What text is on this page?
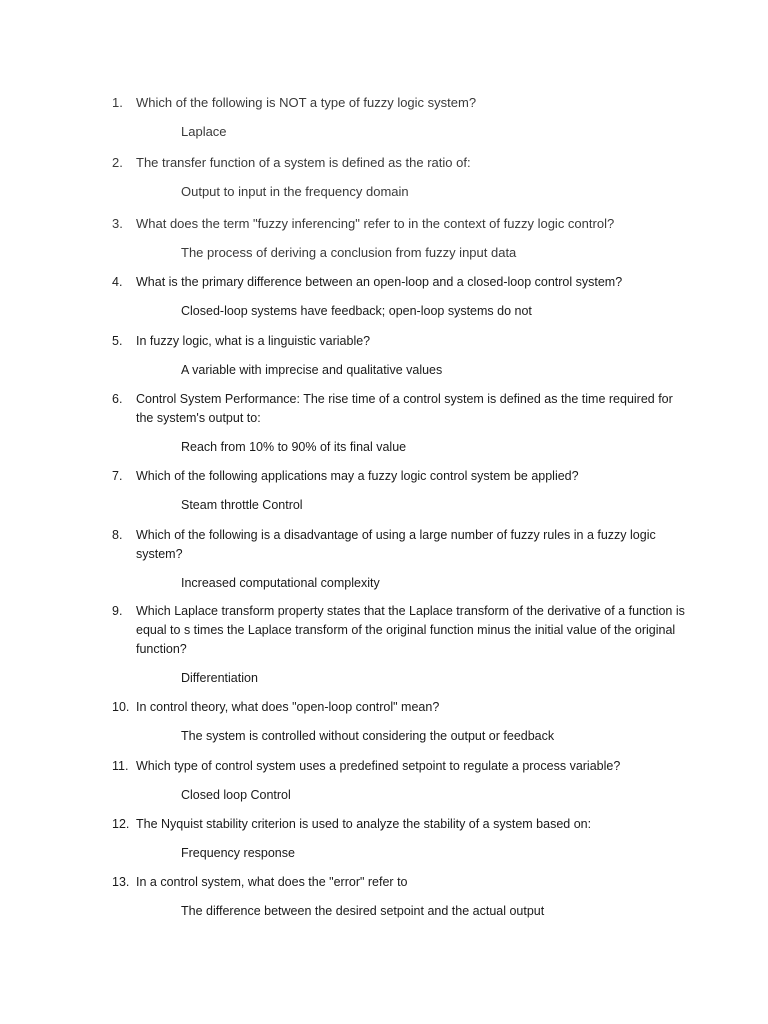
1. Which of the following is NOT a type of fuzzy logic system?
Laplace
2. The transfer function of a system is defined as the ratio of:
Output to input in the frequency domain
3. What does the term "fuzzy inferencing" refer to in the context of fuzzy logic control?
The process of deriving a conclusion from fuzzy input data
4. What is the primary difference between an open-loop and a closed-loop control system?
Closed-loop systems have feedback; open-loop systems do not
5. In fuzzy logic, what is a linguistic variable?
A variable with imprecise and qualitative values
6. Control System Performance: The rise time of a control system is defined as the time required for the system's output to:
Reach from 10% to 90% of its final value
7. Which of the following applications may a fuzzy logic control system be applied?
Steam throttle Control
8. Which of the following is a disadvantage of using a large number of fuzzy rules in a fuzzy logic system?
Increased computational complexity
9. Which Laplace transform property states that the Laplace transform of the derivative of a function is equal to s times the Laplace transform of the original function minus the initial value of the original function?
Differentiation
10. In control theory, what does "open-loop control" mean?
The system is controlled without considering the output or feedback
11. Which type of control system uses a predefined setpoint to regulate a process variable?
Closed loop Control
12. The Nyquist stability criterion is used to analyze the stability of a system based on:
Frequency response
13. In a control system, what does the "error" refer to
The difference between the desired setpoint and the actual output
